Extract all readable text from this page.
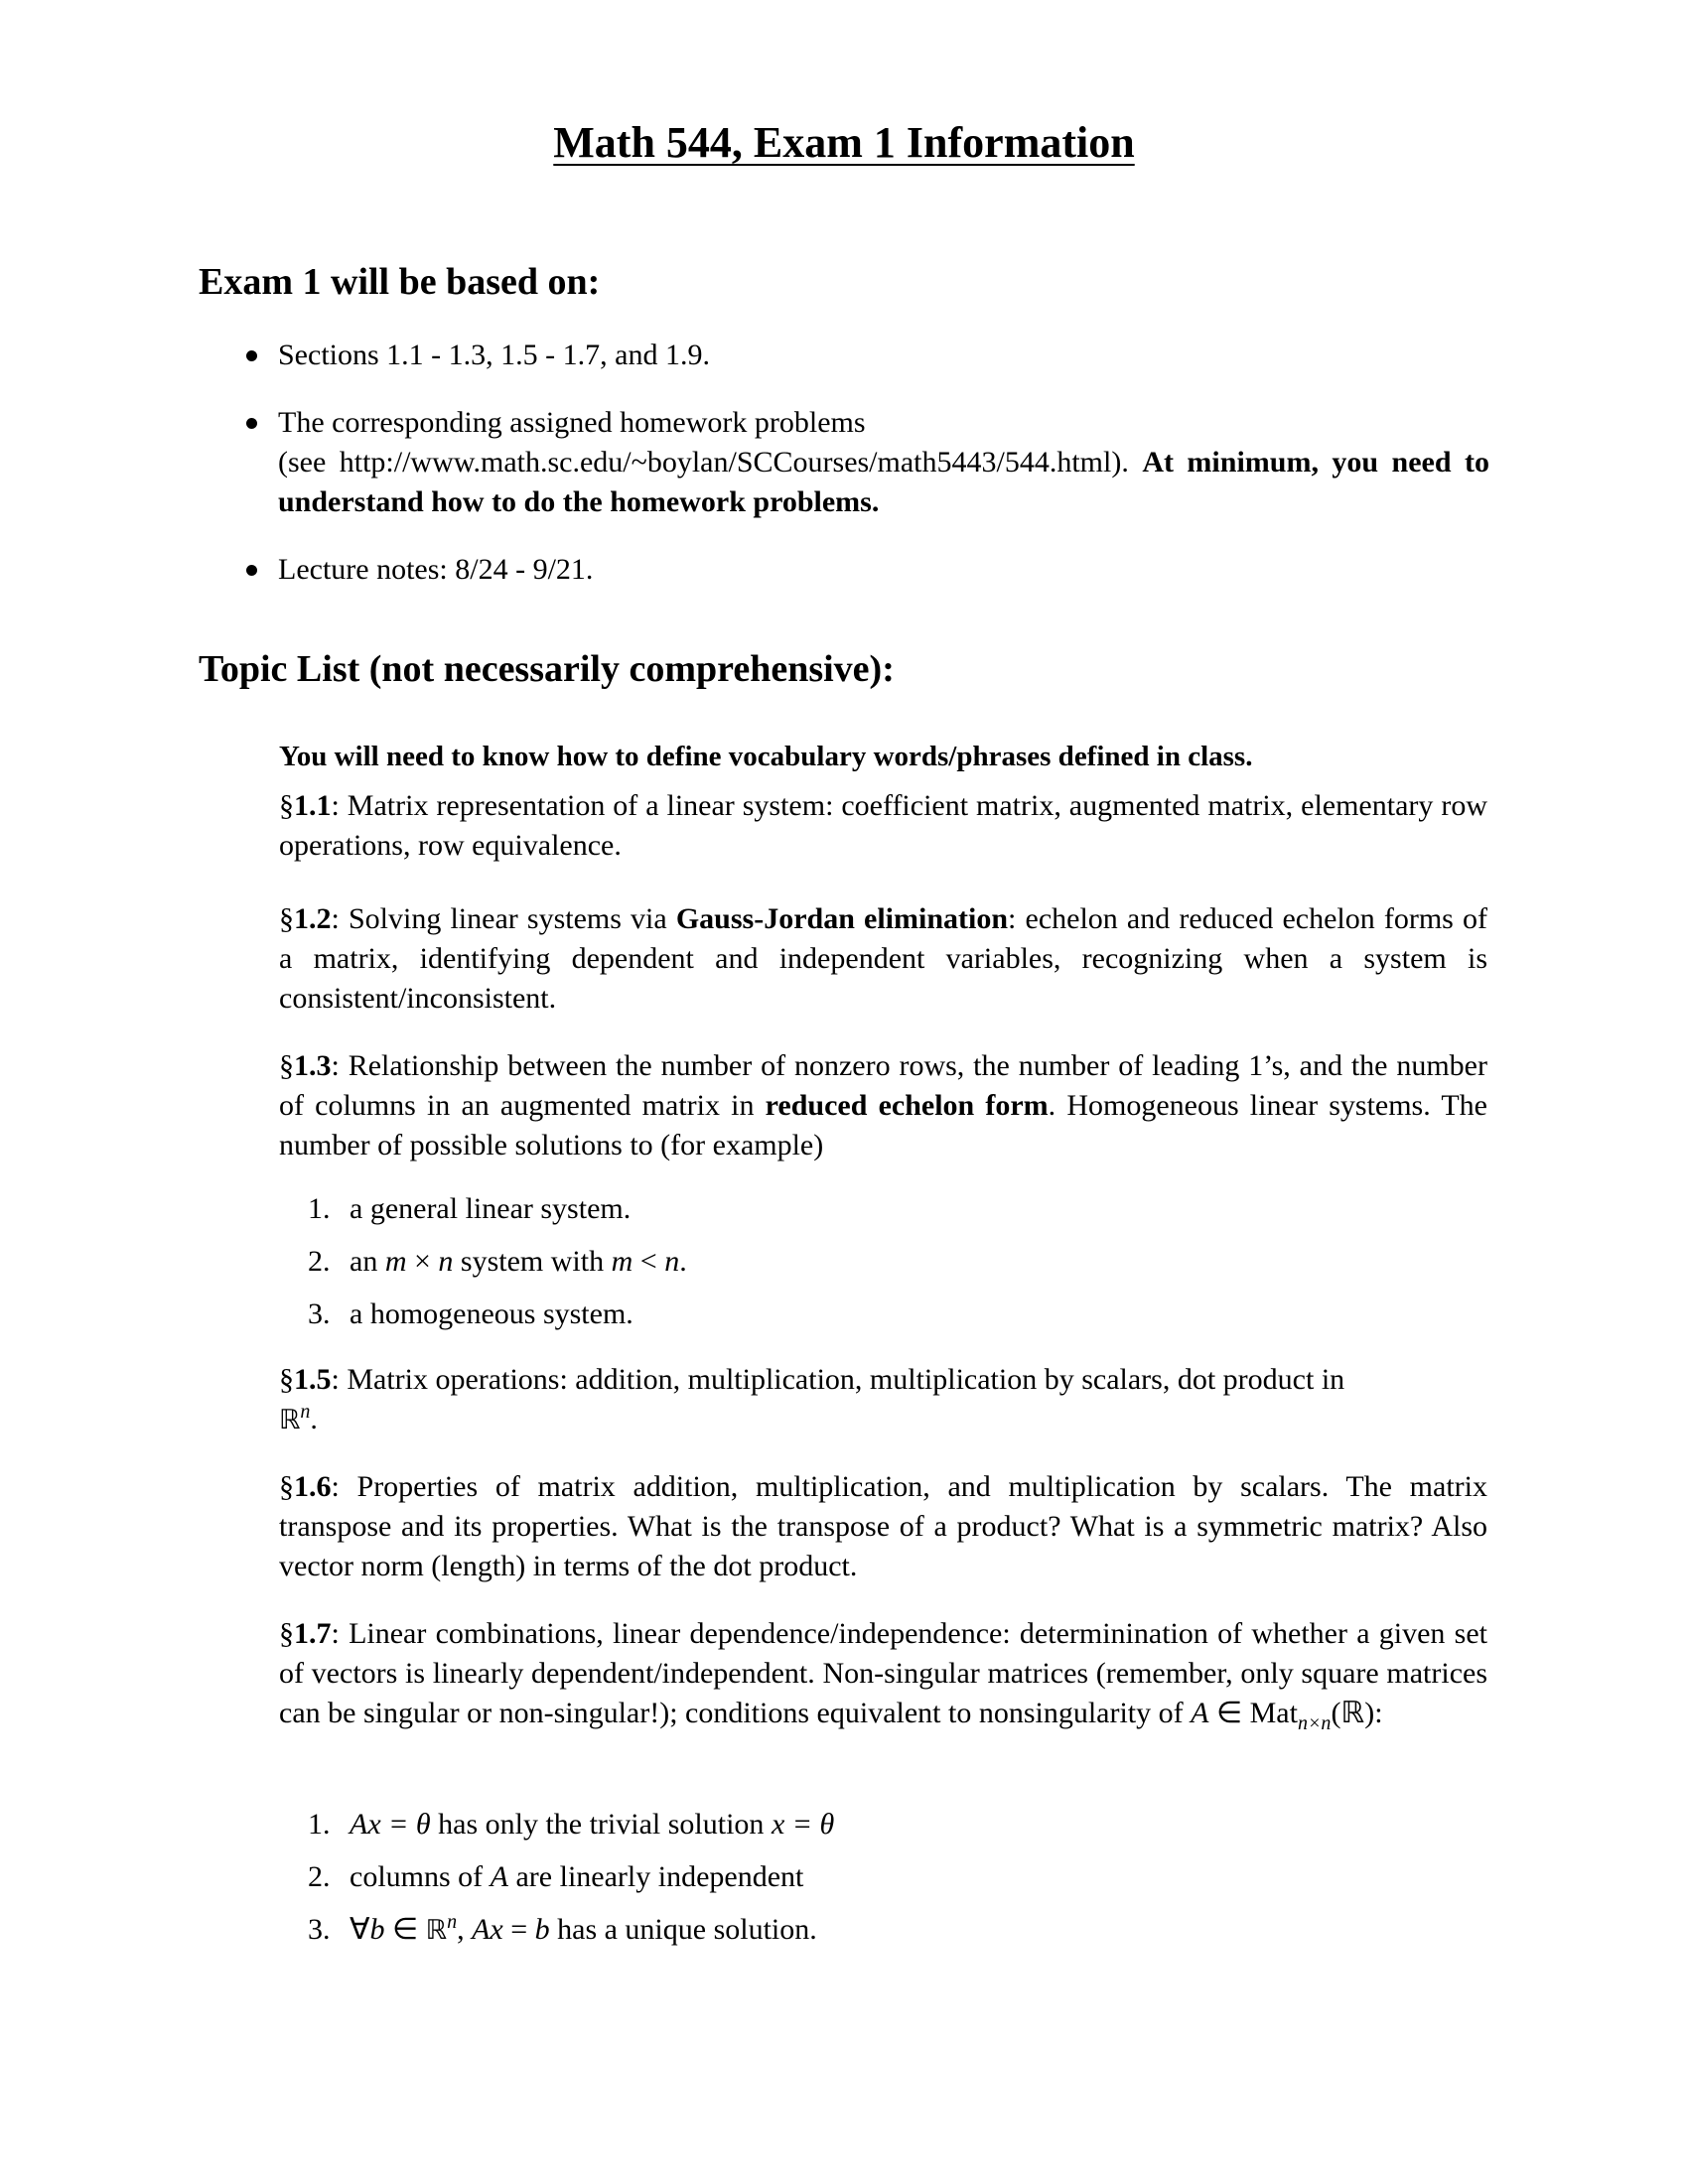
Math 544, Exam 1 Information
Exam 1 will be based on:
Sections 1.1 - 1.3, 1.5 - 1.7, and 1.9.
The corresponding assigned homework problems
(see http://www.math.sc.edu/~boylan/SCCourses/math5443/544.html). At minimum, you need to understand how to do the homework problems.
Lecture notes: 8/24 - 9/21.
Topic List (not necessarily comprehensive):
You will need to know how to define vocabulary words/phrases defined in class.
§1.1: Matrix representation of a linear system: coefficient matrix, augmented matrix, elementary row operations, row equivalence.
§1.2: Solving linear systems via Gauss-Jordan elimination: echelon and reduced echelon forms of a matrix, identifying dependent and independent variables, recognizing when a system is consistent/inconsistent.
§1.3: Relationship between the number of nonzero rows, the number of leading 1’s, and the number of columns in an augmented matrix in reduced echelon form. Homogeneous linear systems. The number of possible solutions to (for example)
1. a general linear system.
2. an m × n system with m < n.
3. a homogeneous system.
§1.5: Matrix operations: addition, multiplication, multiplication by scalars, dot product in
ℝ$^n$.
§1.6: Properties of matrix addition, multiplication, and multiplication by scalars. The matrix transpose and its properties. What is the transpose of a product? What is a symmetric matrix? Also vector norm (length) in terms of the dot product.
§1.7: Linear combinations, linear dependence/independence: determinination of whether a given set of vectors is linearly dependent/independent. Non-singular matrices (remember, only square matrices can be singular or non-singular!); conditions equivalent to nonsingularity of A ∈ Mat$_{n\times n}$(ℝ):
1. Ax = θ has only the trivial solution x = θ
2. columns of A are linearly independent
3. ∀b ∈ ℝ$^n$, Ax = b has a unique solution.
